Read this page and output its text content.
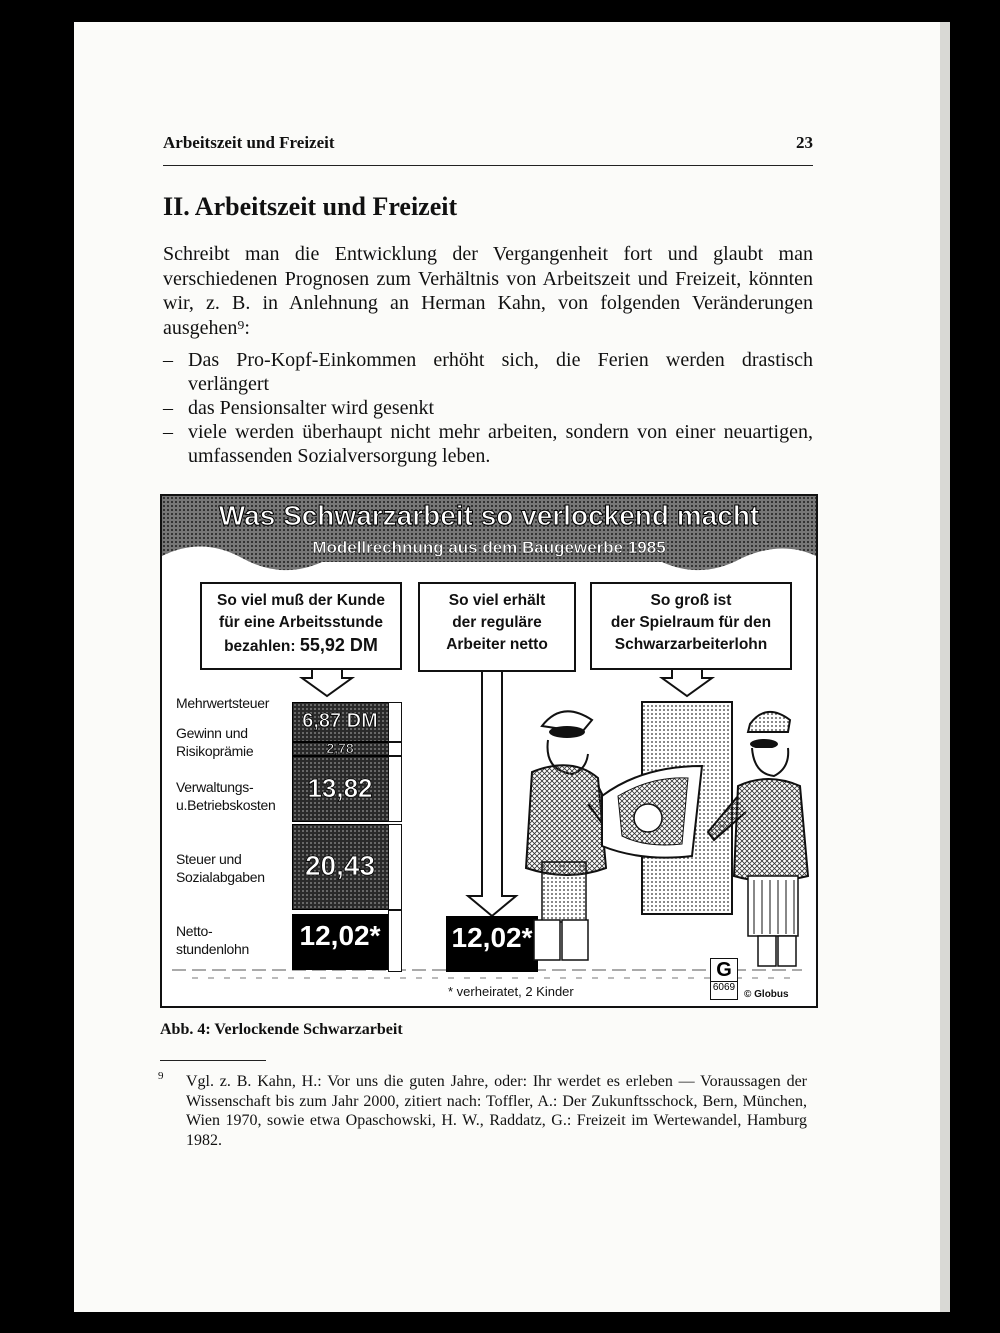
Arbeitszeit und Freizeit	23
II. Arbeitszeit und Freizeit
Schreibt man die Entwicklung der Vergangenheit fort und glaubt man verschiedenen Prognosen zum Verhältnis von Arbeitszeit und Freizeit, könnten wir, z. B. in Anlehnung an Herman Kahn, von folgenden Veränderungen ausgehen⁹:
– Das Pro-Kopf-Einkommen erhöht sich, die Ferien werden drastisch verlängert
– das Pensionsalter wird gesenkt
– viele werden überhaupt nicht mehr arbeiten, sondern von einer neuartigen, umfassenden Sozialversorgung leben.
Was Schwarzarbeit so verlockend macht
Modellrechnung aus dem Baugewerbe 1985
So viel muß der Kunde
für eine Arbeitsstunde
bezahlen: 55,92 DM
So viel erhält
der reguläre
Arbeiter netto
So groß ist
der Spielraum für den
Schwarzarbeiterlohn
Mehrwertsteuer
Gewinn und Risikoprämie
Verwaltungs- u.Betriebskosten
Steuer und Sozialabgaben
Netto- stundenlohn
6,87 DM
2,78
13,82
20,43
12,02*	12,02*
* verheiratet, 2 Kinder
G
6069
© Globus
Abb. 4: Verlockende Schwarzarbeit
9 Vgl. z. B. Kahn, H.: Vor uns die guten Jahre, oder: Ihr werdet es erleben — Voraussagen der Wissenschaft bis zum Jahr 2000, zitiert nach: Toffler, A.: Der Zukunftsschock, Bern, München, Wien 1970, sowie etwa Opaschowski, H. W., Raddatz, G.: Freizeit im Wertewandel, Hamburg 1982.
